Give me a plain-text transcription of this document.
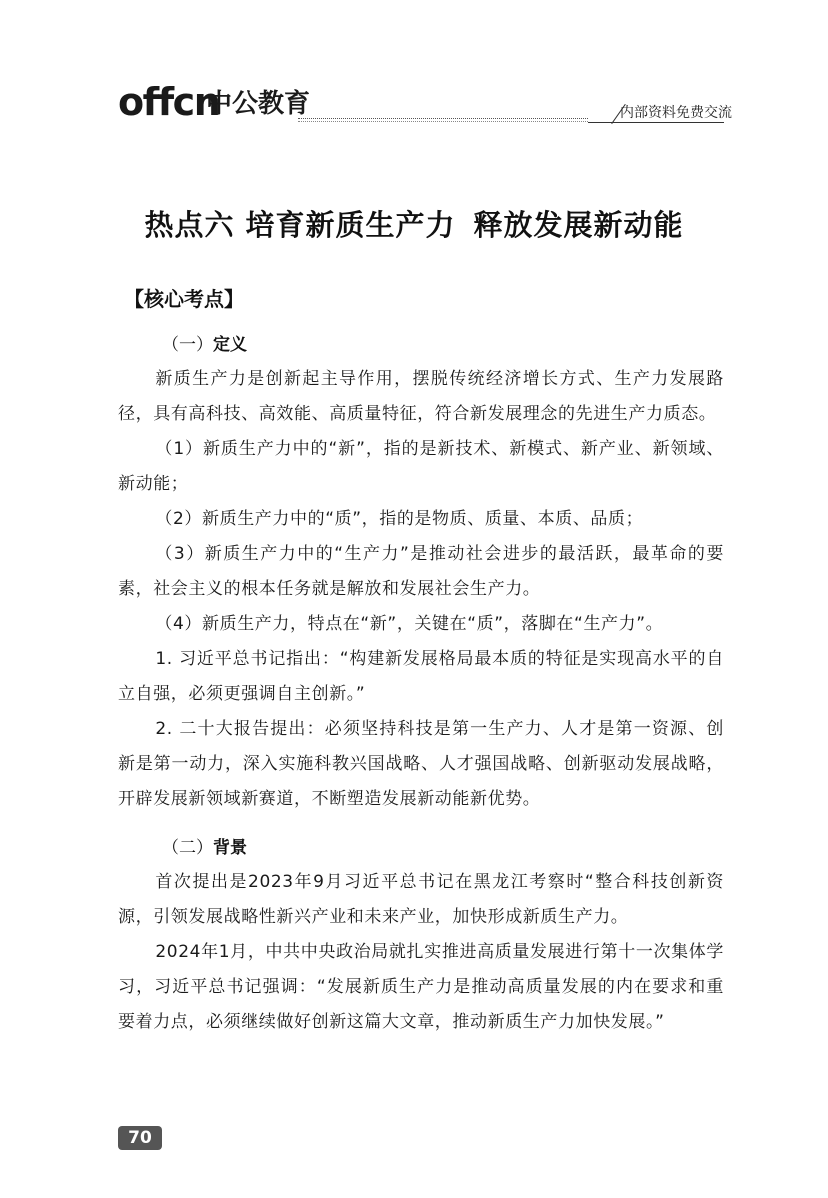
offcn
中公教育	内部资料免费交流
热点六 培育新质生产力 释放发展新动能

【核心考点】

（一）定义

新质生产力是创新起主导作用，摆脱传统经济增长方式、生产力发展路径，具有高科技、高效能、高质量特征，符合新发展理念的先进生产力质态。

（1）新质生产力中的“新”，指的是新技术、新模式、新产业、新领域、新动能；

（2）新质生产力中的“质”，指的是物质、质量、本质、品质；

（3）新质生产力中的“生产力”是推动社会进步的最活跃，最革命的要素，社会主义的根本任务就是解放和发展社会生产力。

（4）新质生产力，特点在“新”，关键在“质”，落脚在“生产力”。

1. 习近平总书记指出：“构建新发展格局最本质的特征是实现高水平的自立自强，必须更强调自主创新。”

2. 二十大报告提出：必须坚持科技是第一生产力、人才是第一资源、创新是第一动力，深入实施科教兴国战略、人才强国战略、创新驱动发展战略，开辟发展新领域新赛道，不断塑造发展新动能新优势。

（二）背景

首次提出是2023年9月习近平总书记在黑龙江考察时“整合科技创新资源，引领发展战略性新兴产业和未来产业，加快形成新质生产力。

2024年1月，中共中央政治局就扎实推进高质量发展进行第十一次集体学习，习近平总书记强调：“发展新质生产力是推动高质量发展的内在要求和重要着力点，必须继续做好创新这篇大文章，推动新质生产力加快发展。”

70
